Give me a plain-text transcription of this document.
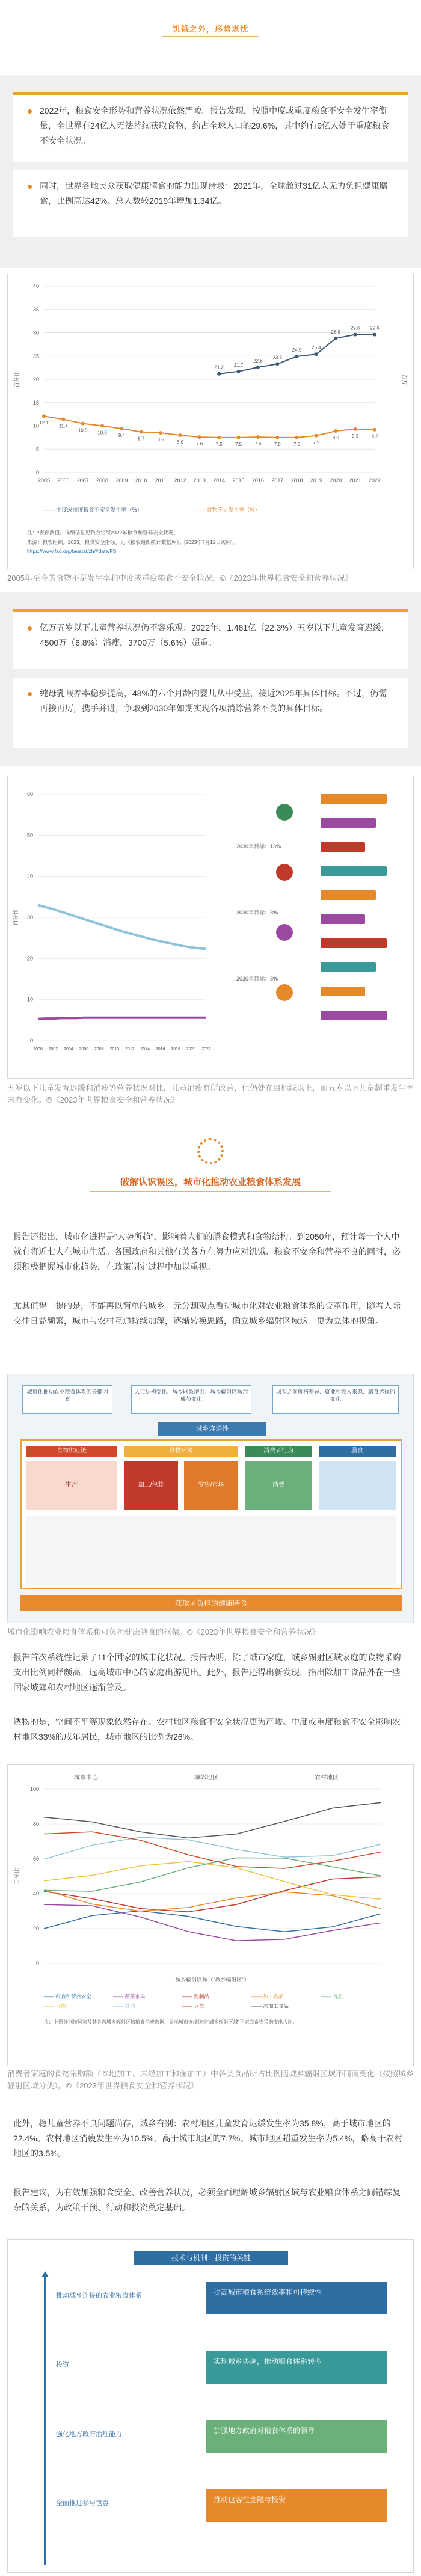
饥饿之外，形势堪忧
2022年，粮食安全形势和营养状况依然严峻。报告发现，按照中度或重度粮食不安全发生率衡量，全世界有24亿人无法持续获取食物，约占全球人口的29.6%，其中约有9亿人处于重度粮食不安全状况。
同时，世界各地民众获取健康膳食的能力出现滑坡：2021年，全球超过31亿人无力负担健康膳食，比例高达42%。总人数较2019年增加1.34亿。
0
5
10
15
20
25
30
35
40
2005 2006 2007 2008 2009 2010 2011 2012 2013 2014 2015 2016 2017 2018 2019 2020 2021 2022
百分比	百万
21.2 21.7
22.6
23.3
24.9 25.4
28.8
29.6 29.6
12.1
11.4
10.5 10.0
9.4
8.7	8.5	8.0	7.6	7.5	7.5	7.6	7.5	7.5	7.9
8.9	9.3	9.2
—— 中度或重度粮食不安全发生率（%）	—— 食物不足发生率（%）
注：*表预测值。详细信息见粮农组织2022年粮食和营养安全状况。
来源：粮农组织。2023。粮食安全指标。见《粮农组织统计数据库》。[2023年7月12日访问]。
https://www.fao.org/faostat/zh/#data/FS
2005年至今的食物不足发生率和中度或重度粮食不安全状况。©《2023年世界粮食安全和营养状况》
亿万五岁以下儿童营养状况仍不容乐观：2022年，1.481亿（22.3%）五岁以下儿童发育迟缓，4500万（6.8%）消瘦，3700万（5.6%）超重。
纯母乳喂养率稳步提高，48%的六个月龄内婴儿从中受益，接近2025年具体目标。不过，仍需再接再厉，携手并进，争取到2030年如期实现各项消除营养不良的具体目标。
0
10
20
30
40
50
60
2000 2002 2004 2006 2008 2010 2012 2014 2016 2018 2020 2022
百分比
2030年目标：13%
2030年目标：3%
2030年目标：3%
五岁以下儿童发育迟缓和消瘦等营养状况对比，儿童消瘦有所改善，但仍处在目标线以上，而五岁以下儿童超重发生率未有变化。©《2023年世界粮食安全和营养状况》
破解认识误区，城市化推动农业粮食体系发展
报告还指出，城市化进程是“大势所趋”，影响着人们的膳食模式和食物结构。到2050年，预计每十个人中就有将近七人在城市生活。各国政府和其他有关各方在努力应对饥饿、粮食不安全和营养不良的同时，必须积极把握城市化趋势，在政策制定过程中加以重视。
尤其值得一提的是，不能再以简单的城乡二元分割观点看待城市化对农业粮食体系的变革作用，随着人际交往日益频繁，城市与农村互通持续加深，逐渐转换思路，确立城乡辐射区域这一更为立体的视角。
城市化推动农业粮食体系的关键因素
人口结构变化、城乡联系增强、城乡辐射区域形成与变化
城乡之间价格差异、就业和收入来源、膳食选择的变化
城乡连通性
食物供应链	食物环境	消费者行为	膳食
生产	加工/包装	零售/市场	消费
获取可负担的健康膳食
城市化影响农业粮食体系和可负担健康膳食的框架。©《2023年世界粮食安全和营养状况》
报告首次系统性记录了11个国家的城市化状况。报告表明，除了城市家庭，城乡辐射区域家庭的食物采购支出比例同样颇高，远高城市中心的家庭出游见出。此外，报告还得出新发现，指出除加工食品外在一些国家城郊和农村地区逐渐普及。
透物的是，空间不平等现象依然存在。农村地区粮食不安全状况更为严峻。中度或重度粮食不安全影响农村地区33%的成年居民，城市地区的比例为26%。
0
20
40
60
80
100
城市中心	城郊地区	农村地区
城乡辐射区域（“城乡辐射区”）
百分比
—— 粮食和营养安全	—— 蔬菜水果	—— 乳制品	—— 加工食品	—— 肉类
—— 谷物	—— 其他	—— 豆类	—— 深加工食品
注：上图分别按国家及其各自城乡辐射区域粮食消费数据，显示城市连续统中“城乡辐射区域”下家庭食物采购支出占比。
消费者家庭的食物采购额（本地加工、未经加工和深加工）中各类食品所占比例随城乡辐射区域不同而变化（按照城乡辐射区域分类）。©《2023年世界粮食安全和营养状况》
此外，稳儿童营养不良问题尚存，城乡有别：农村地区儿童发育迟缓发生率为35.8%，高于城市地区的22.4%。农村地区消瘦发生率为10.5%，高于城市地区的7.7%。城市地区超重发生率为5.4%，略高于农村地区的3.5%。
报告建议，为有效加强粮食安全、改善营养状况，必须全面理解城乡辐射区域与农业粮食体系之间错综复杂的关系，为政策干预、行动和投资奠定基础。
技术与机制：投资的关键
提高城市粮食系统效率和可持续性
推动城乡连接的农业粮食体系
实现城乡协调，推动粮食体系转型
投资
加强地方政府对粮食体系的领导
强化地方政府治理能力
推动包容性金融与投资
全面推进参与包容
